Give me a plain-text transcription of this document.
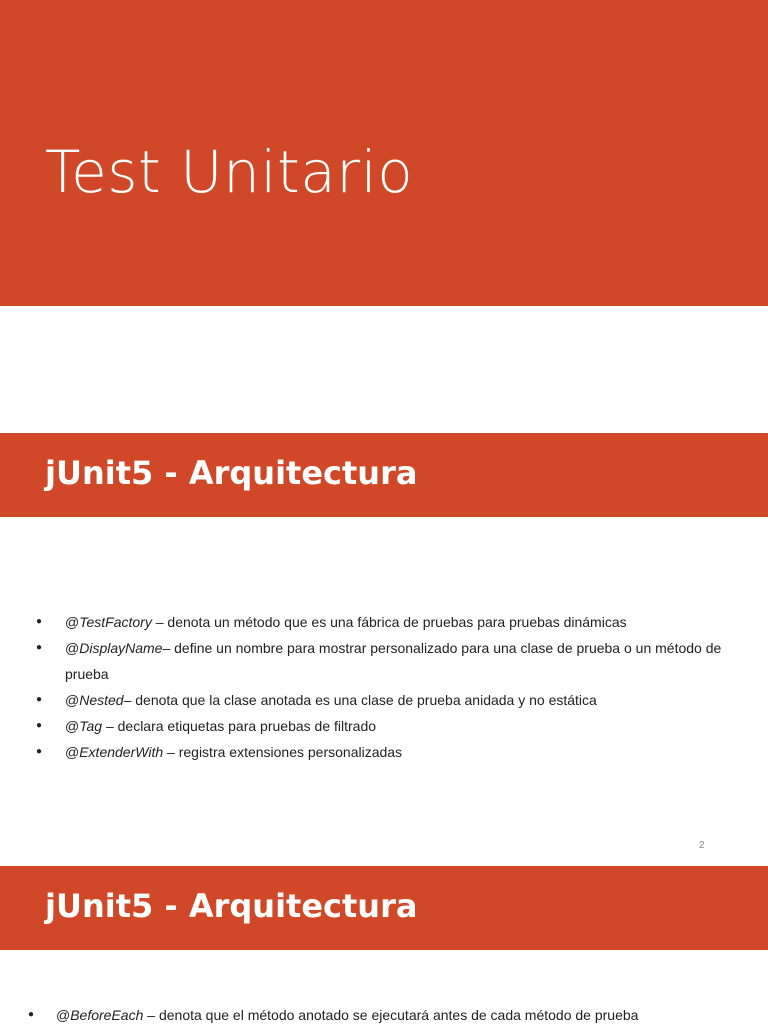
Test Unitario
jUnit5 - Arquitectura
● @TestFactory – denota un método que es una fábrica de pruebas para pruebas dinámicas
● @DisplayName– define un nombre para mostrar personalizado para una clase de prueba o un método de prueba
● @Nested– denota que la clase anotada es una clase de prueba anidada y no estática
● @Tag – declara etiquetas para pruebas de filtrado
● @ExtenderWith – registra extensiones personalizadas
2
jUnit5 - Arquitectura
● @BeforeEach – denota que el método anotado se ejecutará antes de cada método de prueba
